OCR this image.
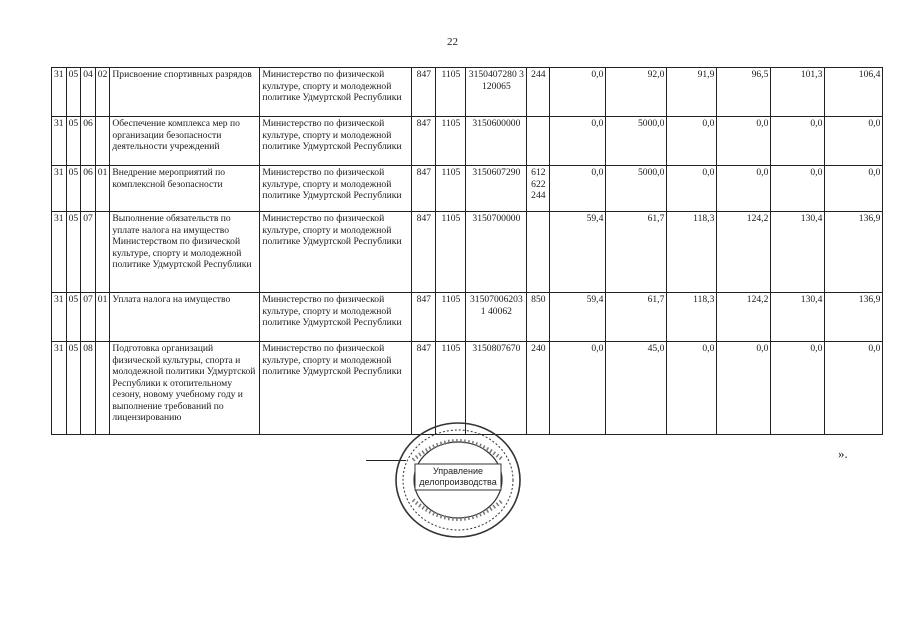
22
31	05	04	02	Присвоение спортивных разрядов	Министерство по физической культуре, спорту и молодежной политике Удмуртской Республики	847	1105	3150407280 3120065	244	0,0	92,0	91,9	96,5	101,3	106,4
31	05	06		Обеспечение комплекса мер по организации безопасности деятельности учреждений	Министерство по физической культуре, спорту и молодежной политике Удмуртской Республики	847	1105	3150600000		0,0	5000,0	0,0	0,0	0,0	0,0
31	05	06	01	Внедрение мероприятий по комплексной безопасности	Министерство по физической культуре, спорту и молодежной политике Удмуртской Республики	847	1105	3150607290	612 622 244	0,0	5000,0	0,0	0,0	0,0	0,0
31	05	07		Выполнение обязательств по уплате налога на имущество Министерством по физической культуре, спорту и молодежной политике Удмуртской Республики	Министерство по физической культуре, спорту и молодежной политике Удмуртской Республики	847	1105	3150700000		59,4	61,7	118,3	124,2	130,4	136,9
31	05	07	01	Уплата налога на имущество	Министерство по физической культуре, спорту и молодежной политике Удмуртской Республики	847	1105	315070062031 40062	850	59,4	61,7	118,3	124,2	130,4	136,9
31	05	08		Подготовка организаций физической культуры, спорта и молодежной политики Удмуртской Республики к отопительному сезону, новому учебному году и выполнение требований по лицензированию	Министерство по физической культуре, спорту и молодежной политике Удмуртской Республики	847	1105	3150807670	240	0,0	45,0	0,0	0,0	0,0	0,0
Управление
делопроизводства
».
